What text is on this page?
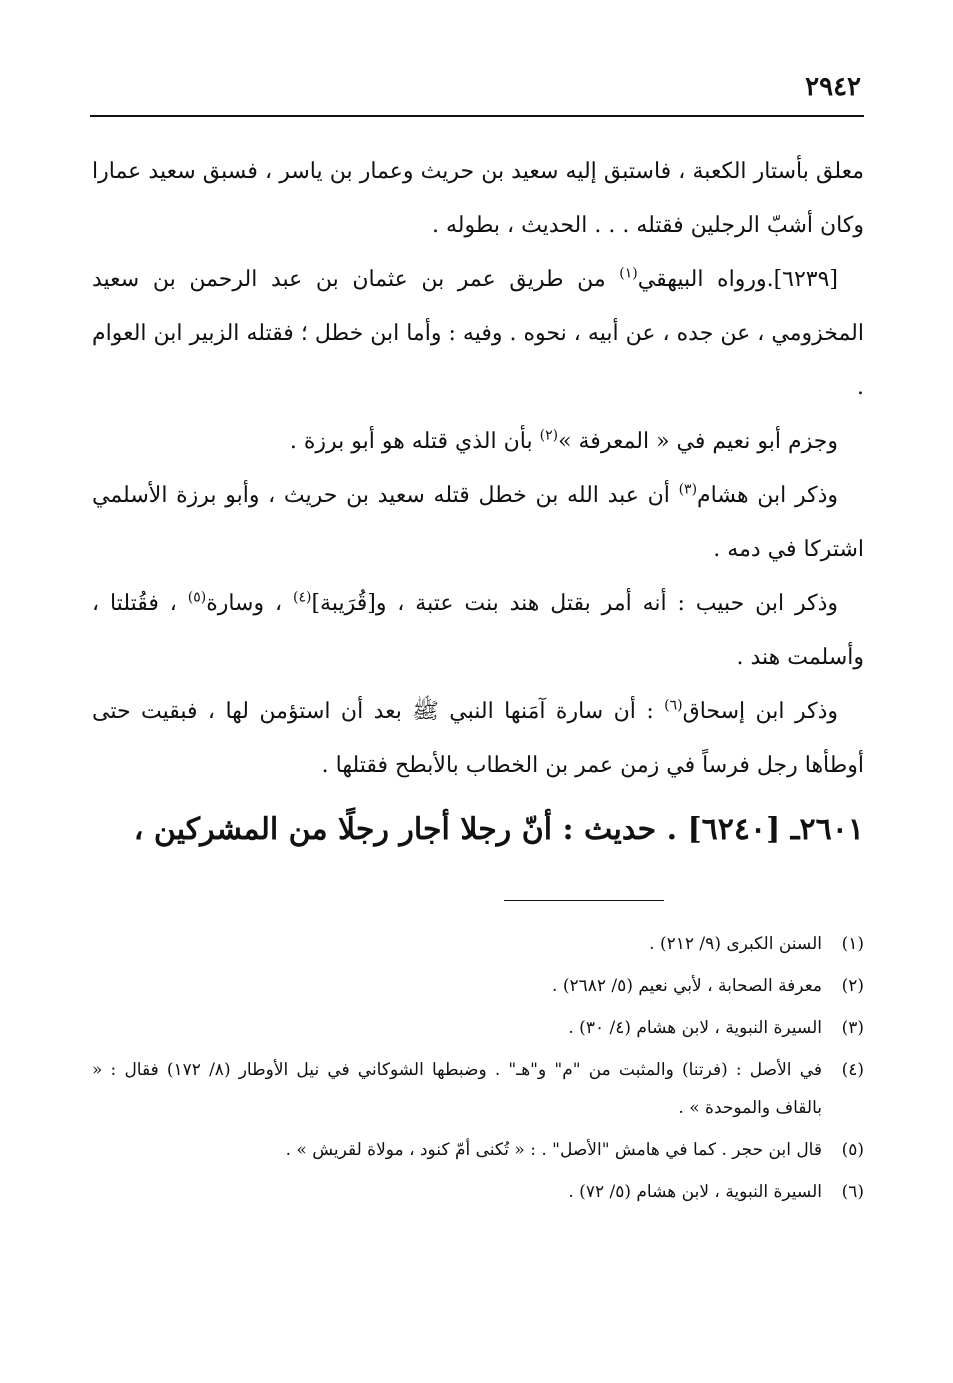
٢٩٤٢

معلق بأستار الكعبة ، فاستبق إليه سعيد بن حريث وعمار بن ياسر ، فسبق سعيد عمارا وكان أشبّ الرجلين فقتله . . . الحديث ، بطوله .

[٦٢٣٩].ورواه البيهقي$^{(١)}$ من طريق عمر بن عثمان بن عبد الرحمن بن سعيد المخزومي ، عن جده ، عن أبيه ، نحوه . وفيه : وأما ابن خطل ؛ فقتله الزبير ابن العوام .

وجزم أبو نعيم في « المعرفة »$^{(٢)}$ بأن الذي قتله هو أبو برزة .

وذكر ابن هشام$^{(٣)}$ أن عبد الله بن خطل قتله سعيد بن حريث ، وأبو برزة الأسلمي اشتركا في دمه .

وذكر ابن حبيب : أنه أمر بقتل هند بنت عتبة ، و[قُرَيبة]$^{(٤)}$ ، وسارة$^{(٥)}$ ، فقُتلتا ، وأسلمت هند .

وذكر ابن إسحاق$^{(٦)}$ : أن سارة آمَنها النبي ﷺ بعد أن استؤمن لها ، فبقيت حتى أوطأها رجل فرساً في زمن عمر بن الخطاب بالأبطح فقتلها .

٢٦٠١ـ [٦٢٤٠] . حديث : أنّ رجلا أجار رجلًا من المشركين ،
(١)
السنن الكبرى (٩/ ٢١٢) .
(٢)
معرفة الصحابة ، لأبي نعيم (٥/ ٢٦٨٢) .
(٣)
السيرة النبوية ، لابن هشام (٤/ ٣٠) .
(٤)
في الأصل : (فرتنا) والمثبت من "م" و"هـ" . وضبطها الشوكاني في نيل الأوطار (٨/ ١٧٢) فقال : « بالقاف والموحدة » .
(٥)
قال ابن حجر . كما في هامش "الأصل" . : « تُكنى أمّ كنود ، مولاة لقريش » .
(٦)
السيرة النبوية ، لابن هشام (٥/ ٧٢) .
